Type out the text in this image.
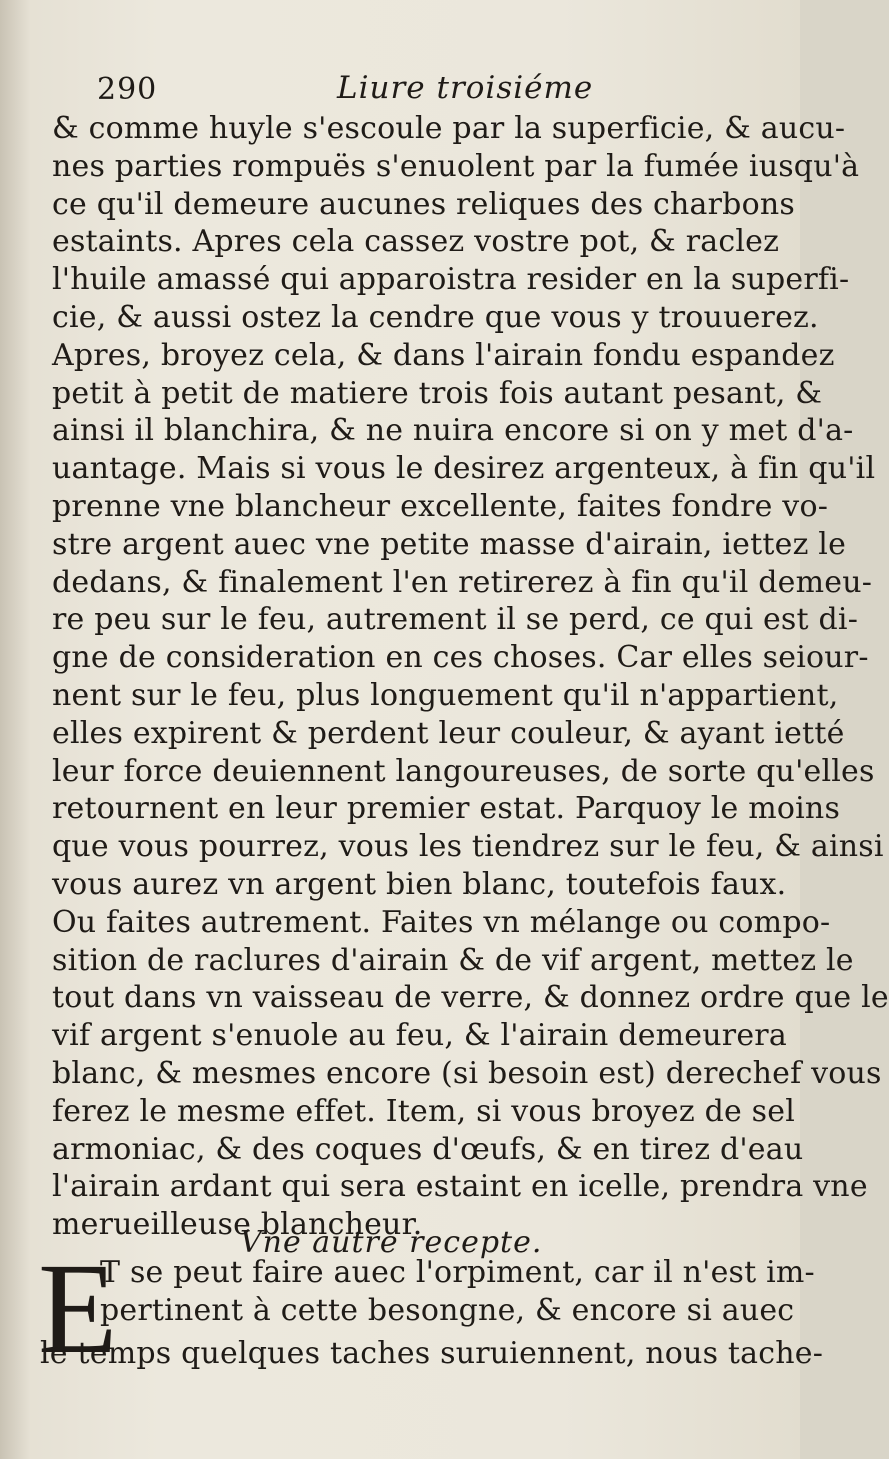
290	Liure troisiéme
& comme huyle s'escoule par la superficie, & aucu-
nes parties rompuës s'enuolent par la fumée iusqu'à
ce qu'il demeure aucunes reliques des charbons
estaints. Apres cela cassez vostre pot, & raclez
l'huile amassé qui apparoistra resider en la superfi-
cie, & aussi ostez la cendre que vous y trouuerez.
Apres, broyez cela, & dans l'airain fondu espandez
petit à petit de matiere trois fois autant pesant, &
ainsi il blanchira, & ne nuira encore si on y met d'a-
uantage. Mais si vous le desirez argenteux, à fin qu'il
prenne vne blancheur excellente, faites fondre vo-
stre argent auec vne petite masse d'airain, iettez le
dedans, & finalement l'en retirerez à fin qu'il demeu-
re peu sur le feu, autrement il se perd, ce qui est di-
gne de consideration en ces choses. Car elles seiour-
nent sur le feu, plus longuement qu'il n'appartient,
elles expirent & perdent leur couleur, & ayant ietté
leur force deuiennent langoureuses, de sorte qu'elles
retournent en leur premier estat. Parquoy le moins
que vous pourrez, vous les tiendrez sur le feu, & ainsi
vous aurez vn argent bien blanc, toutefois faux.
Ou faites autrement. Faites vn mélange ou compo-
sition de raclures d'airain & de vif argent, mettez le
tout dans vn vaisseau de verre, & donnez ordre que le
vif argent s'enuole au feu, & l'airain demeurera
blanc, & mesmes encore (si besoin est) derechef vous
ferez le mesme effet. Item, si vous broyez de sel
armoniac, & des coques d'œufs, & en tirez d'eau
l'airain ardant qui sera estaint en icelle, prendra vne
merueilleuse blancheur.
Vne autre recepte.
E
T se peut faire auec l'orpiment, car il n'est im-
pertinent à cette besongne, & encore si auec
le temps quelques taches suruiennent, nous tache-
